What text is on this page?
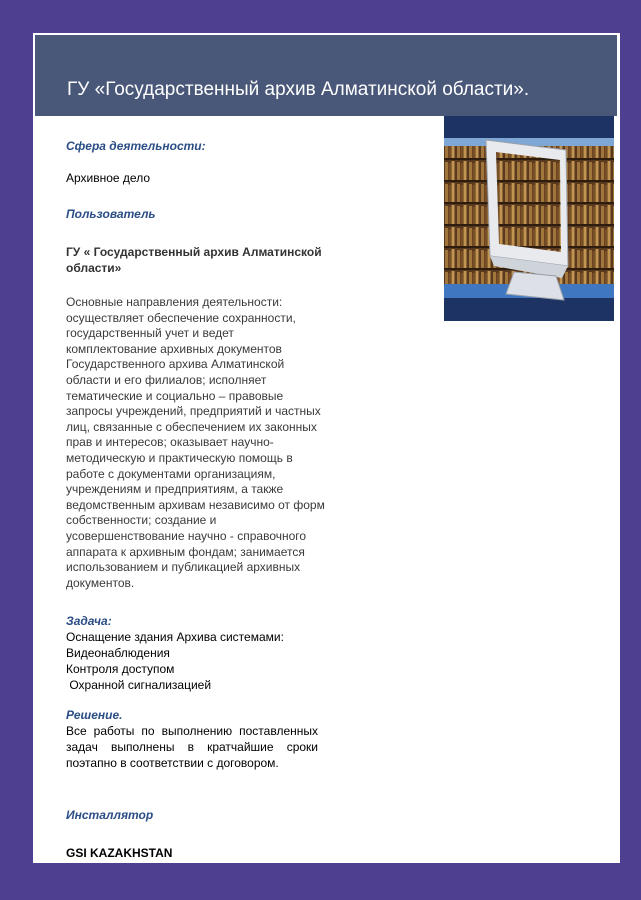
ГУ «Государственный архив Алматинской области».
Сфера деятельности:
Архивное дело
Пользователь
ГУ « Государственный архив Алматинской области»
Основные направления деятельности: осуществляет обеспечение сохранности, государственный учет и ведет комплектование архивных документов Государственного архива Алматинской области и его филиалов; исполняет тематические и социально – правовые запросы учреждений, предприятий и частных лиц, связанные с обеспечением их законных прав и интересов; оказывает научно-методическую и практическую помощь в работе с документами организациям, учреждениям и предприятиям, а также ведомственным архивам независимо от форм собственности; создание и усовершенствование научно - справочного аппарата к архивным фондам; занимается использованием и публикацией архивных документов.
Задача:
Оснащение здания Архива системами:
Видеонаблюдения
Контроля доступом
Охранной сигнализацией
Решение.
Все работы по выполнению поставленных задач выполнены в кратчайшие сроки поэтапно в соответствии с договором.
Инсталлятор
GSI KAZAKHSTAN
